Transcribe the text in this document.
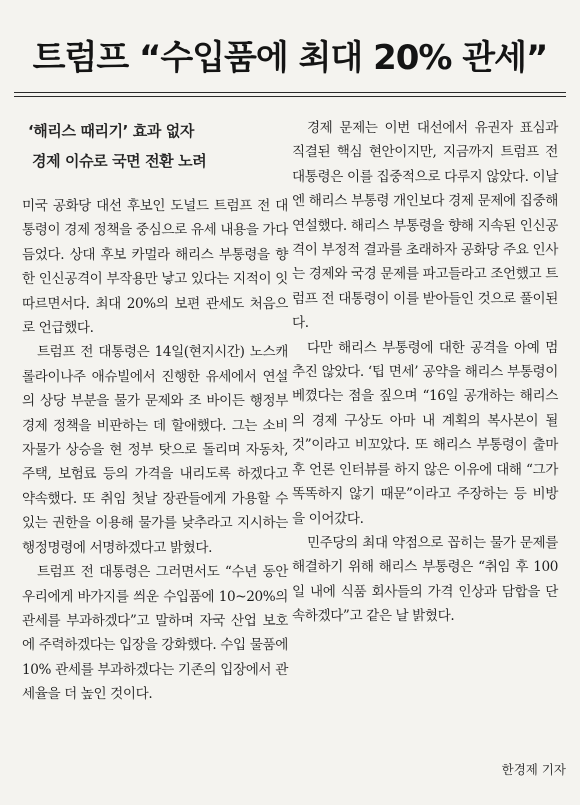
트럼프 “수입품에 최대 20% 관세”
‘해리스 때리기’ 효과 없자
경제 이슈로 국면 전환 노려

미국 공화당 대선 후보인 도널드 트럼프 전 대통령이 경제 정책을 중심으로 유세 내용을 가다듬었다. 상대 후보 카멀라 해리스 부통령을 향한 인신공격이 부작용만 낳고 있다는 지적이 잇따르면서다. 최대 20%의 보편 관세도 처음으로 언급했다.

트럼프 전 대통령은 14일(현지시간) 노스캐롤라이나주 애슈빌에서 진행한 유세에서 연설의 상당 부분을 물가 문제와 조 바이든 행정부 경제 정책을 비판하는 데 할애했다. 그는 소비자물가 상승을 현 정부 탓으로 돌리며 자동차, 주택, 보험료 등의 가격을 내리도록 하겠다고 약속했다. 또 취임 첫날 장관들에게 가용할 수 있는 권한을 이용해 물가를 낮추라고 지시하는 행정명령에 서명하겠다고 밝혔다.

트럼프 전 대통령은 그러면서도 “수년 동안 우리에게 바가지를 씌운 수입품에 10~20%의 관세를 부과하겠다”고 말하며 자국 산업 보호에 주력하겠다는 입장을 강화했다. 수입 물품에 10% 관세를 부과하겠다는 기존의 입장에서 관세율을 더 높인 것이다.

경제 문제는 이번 대선에서 유권자 표심과 직결된 핵심 현안이지만, 지금까지 트럼프 전 대통령은 이를 집중적으로 다루지 않았다. 이날엔 해리스 부통령 개인보다 경제 문제에 집중해 연설했다. 해리스 부통령을 향해 지속된 인신공격이 부정적 결과를 초래하자 공화당 주요 인사는 경제와 국경 문제를 파고들라고 조언했고 트럼프 전 대통령이 이를 받아들인 것으로 풀이된다.

다만 해리스 부통령에 대한 공격을 아예 멈추진 않았다. ‘팁 면세’ 공약을 해리스 부통령이 베꼈다는 점을 짚으며 “16일 공개하는 해리스의 경제 구상도 아마 내 계획의 복사본이 될 것”이라고 비꼬았다. 또 해리스 부통령이 출마 후 언론 인터뷰를 하지 않은 이유에 대해 “그가 똑똑하지 않기 때문”이라고 주장하는 등 비방을 이어갔다.

민주당의 최대 약점으로 꼽히는 물가 문제를 해결하기 위해 해리스 부통령은 “취임 후 100일 내에 식품 회사들의 가격 인상과 담합을 단속하겠다”고 같은 날 밝혔다.

한경제 기자
